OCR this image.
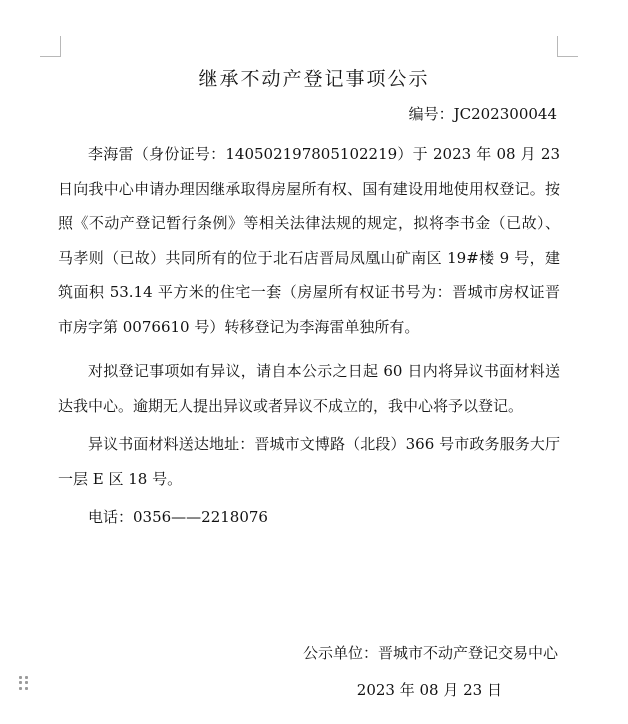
继承不动产登记事项公示
编号：JC202300044

李海雷（身份证号：140502197805102219）于 2023 年 08 月 23 日向我中心申请办理因继承取得房屋所有权、国有建设用地使用权登记。按照《不动产登记暂行条例》等相关法律法规的规定，拟将李书金（已故）、马孝则（已故）共同所有的位于北石店晋局凤凰山矿南区 19#楼 9 号，建筑面积 53.14 平方米的住宅一套（房屋所有权证书号为：晋城市房权证晋市房字第 0076610 号）转移登记为李海雷单独所有。

对拟登记事项如有异议，请自本公示之日起 60 日内将异议书面材料送达我中心。逾期无人提出异议或者异议不成立的，我中心将予以登记。

异议书面材料送达地址：晋城市文博路（北段）366 号市政务服务大厅一层 E 区 18 号。

电话：0356——2218076

公示单位：晋城市不动产登记交易中心
2023 年 08 月 23 日
